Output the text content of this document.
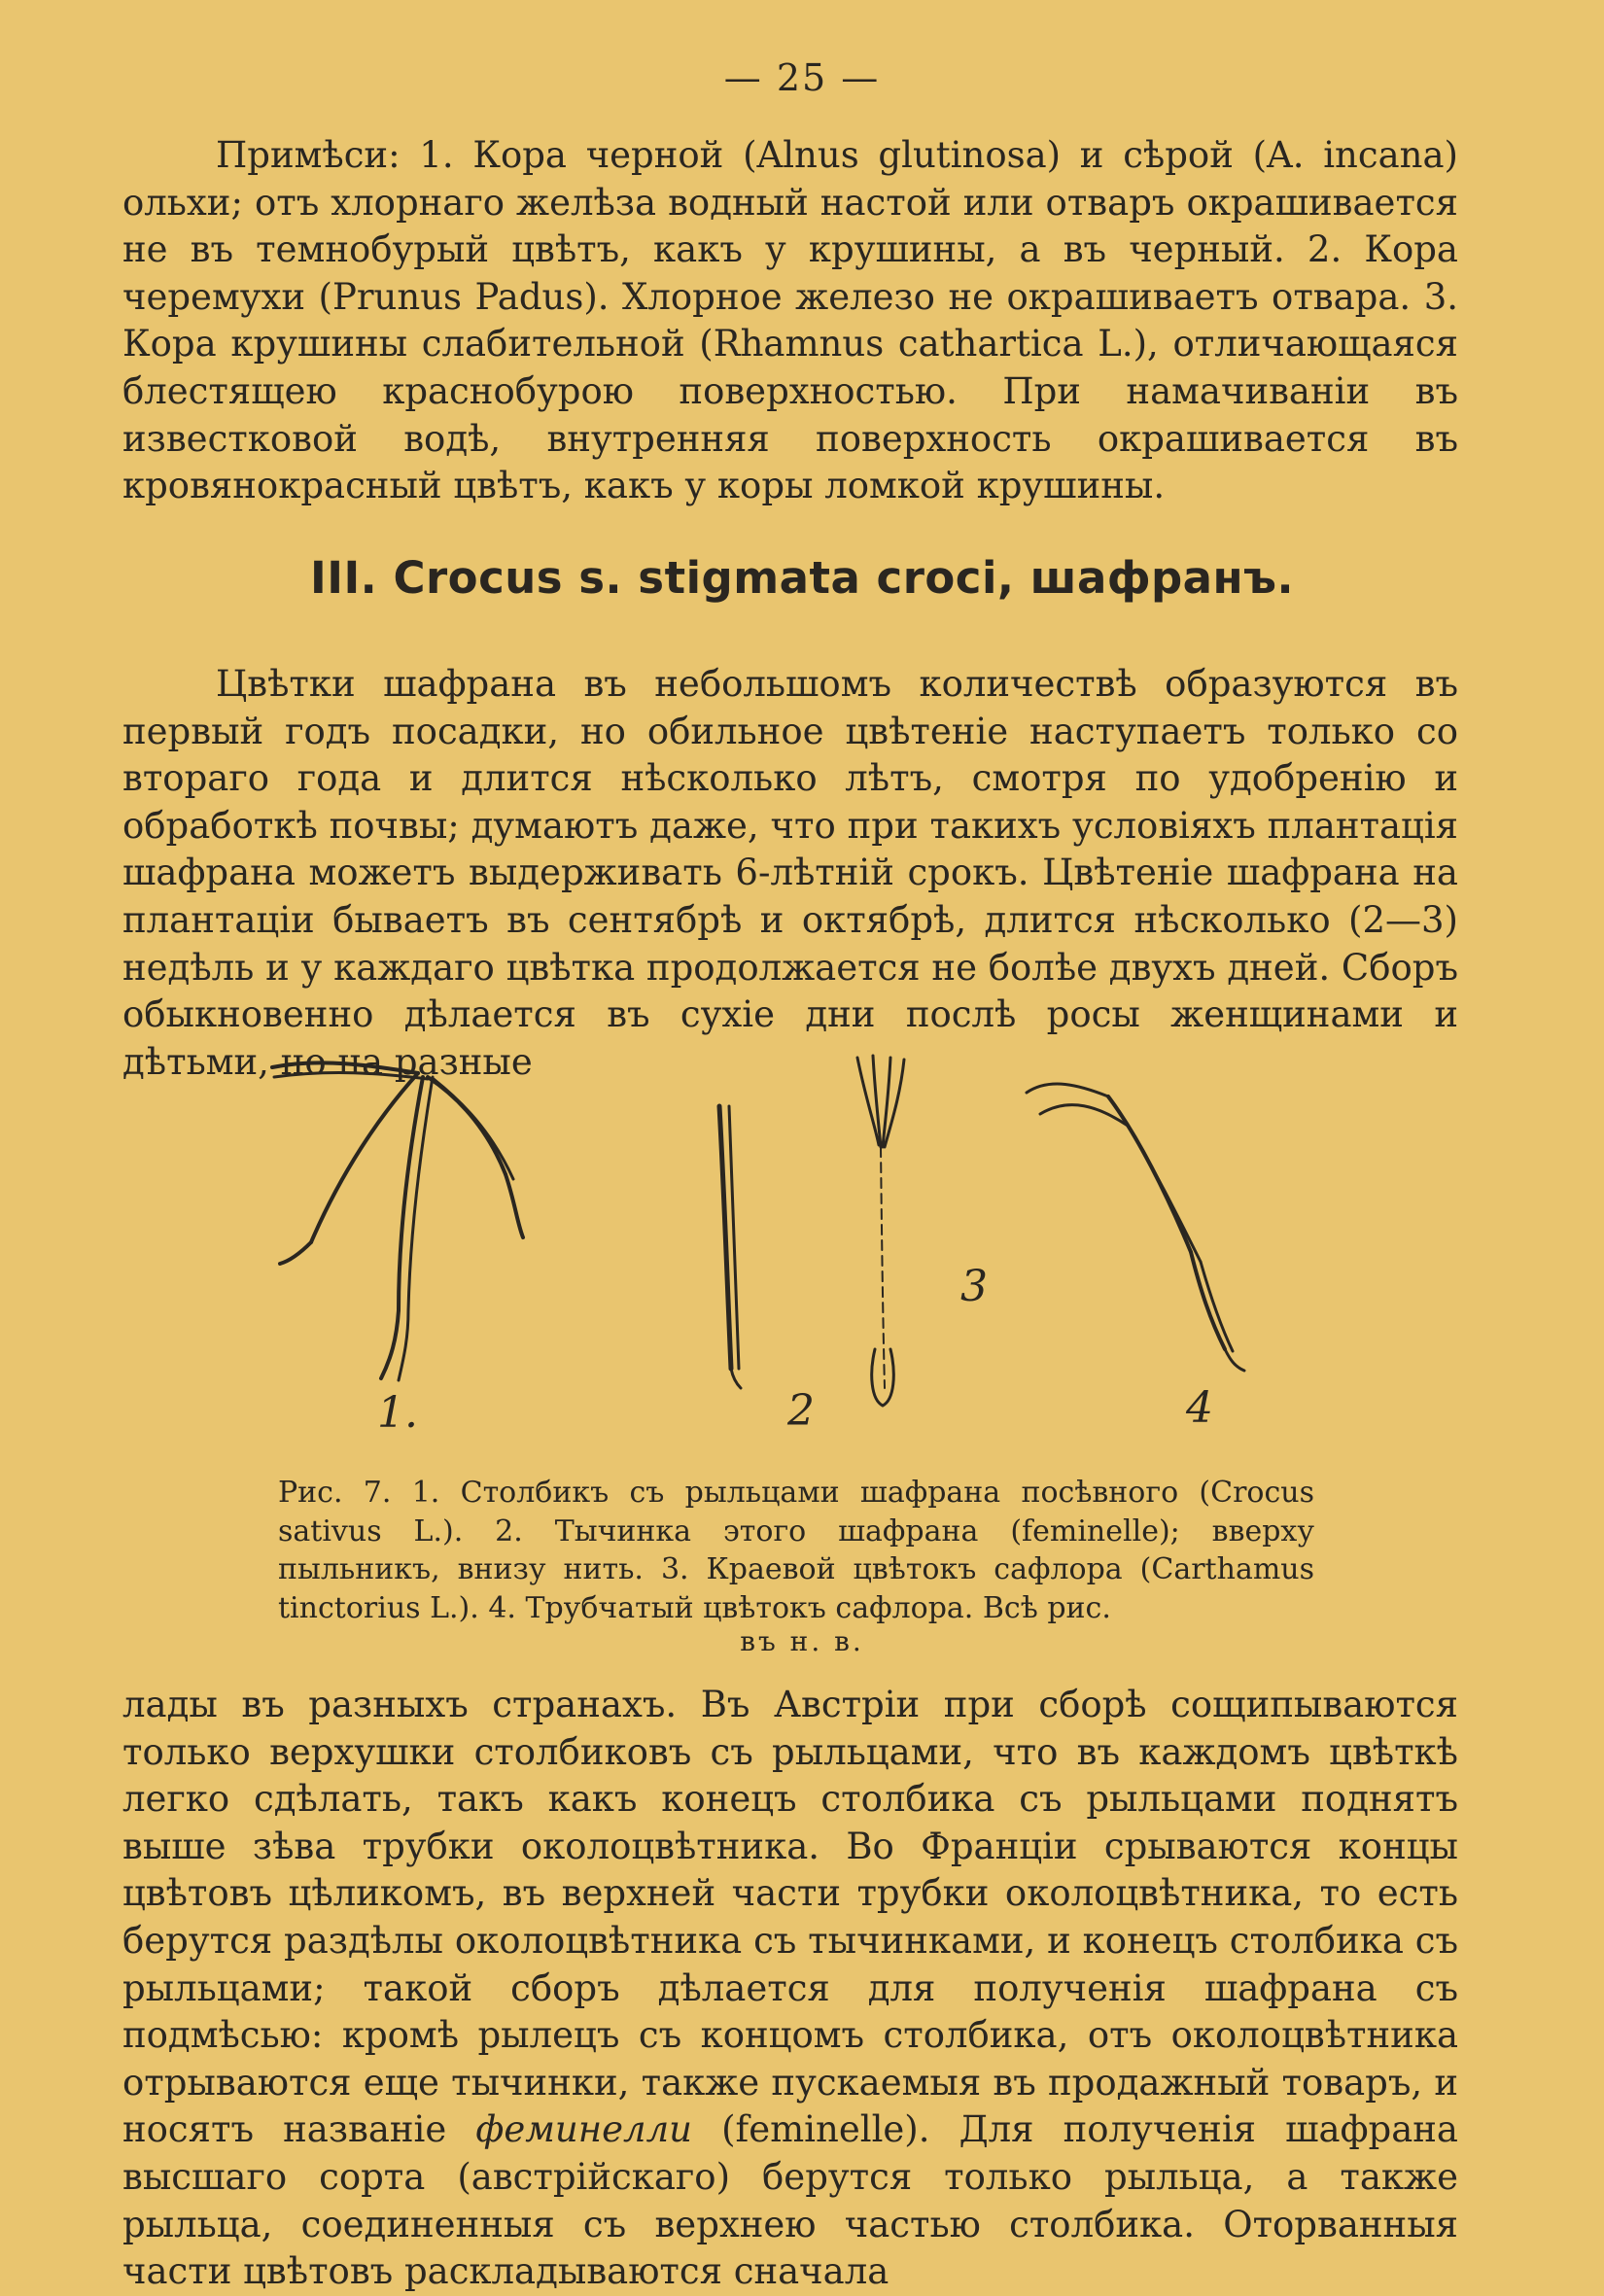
— 25 —

Примѣси: 1. Кора черной (Alnus glutinosa) и сѣрой (A. incana) ольхи; отъ хлорнаго желѣза водный настой или отваръ окрашивается не въ темнобурый цвѣтъ, какъ у крушины, а въ черный. 2. Кора черемухи (Prunus Padus). Хлорное железо не окрашиваетъ отвара. 3. Кора крушины слабительной (Rhamnus cathartica L.), отличающаяся блестящею краснобурою поверхностью. При намачиваніи въ известковой водѣ, внутренняя поверхность окрашивается въ кровянокрасный цвѣтъ, какъ у коры ломкой крушины.

III. Crocus s. stigmata croci, шафранъ.

Цвѣтки шафрана въ небольшомъ количествѣ образуются въ первый годъ посадки, но обильное цвѣтеніе наступаетъ только со втораго года и длится нѣсколько лѣтъ, смотря по удобренію и обработкѣ почвы; думаютъ даже, что при такихъ условіяхъ плантація шафрана можетъ выдерживать 6-лѣтній срокъ. Цвѣтеніе шафрана на плантаціи бываетъ въ сентябрѣ и октябрѣ, длится нѣсколько (2—3) недѣль и у каждаго цвѣтка продолжается не болѣе двухъ дней. Сборъ обыкновенно дѣлается въ сухіе дни послѣ росы женщинами и дѣтьми, но на разные

1.	2
3
4

Рис. 7. 1. Столбикъ съ рыльцами шафрана посѣвного (Crocus sativus L.). 2. Тычинка этого шафрана (feminelle); вверху пыльникъ, внизу нить. 3. Краевой цвѣтокъ сафлора (Carthamus tinctorius L.). 4. Трубчатый цвѣтокъ сафлора. Всѣ рис.

въ н. в.

лады въ разныхъ странахъ. Въ Австріи при сборѣ сощипываются только верхушки столбиковъ съ рыльцами, что въ каждомъ цвѣткѣ легко сдѣлать, такъ какъ конецъ столбика съ рыльцами поднятъ выше зѣва трубки околоцвѣтника. Во Франціи срываются концы цвѣтовъ цѣликомъ, въ верхней части трубки околоцвѣтника, то есть берутся раздѣлы околоцвѣтника съ тычинками, и конецъ столбика съ рыльцами; такой сборъ дѣлается для полученія шафрана съ подмѣсью: кромѣ рылецъ съ концомъ столбика, отъ околоцвѣтника отрываются еще тычинки, также пускаемыя въ продажный товаръ, и носятъ названіе феминелли (feminelle). Для полученія шафрана высшаго сорта (австрійскаго) берутся только рыльца, а также рыльца, соединенныя съ верхнею частью столбика. Оторванныя части цвѣтовъ раскладываются сначала
